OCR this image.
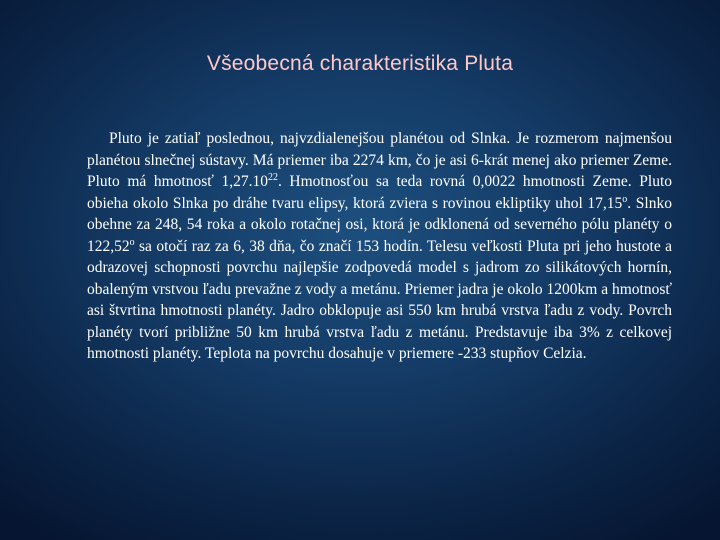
Všeobecná charakteristika Pluta

Pluto je zatiaľ poslednou, najvzdialenejšou planétou od Slnka. Je rozmerom najmenšou planétou slnečnej sústavy. Má priemer iba 2274 km, čo je asi 6-krát menej ako priemer Zeme. Pluto má hmotnosť 1,27.10$^{22}$. Hmotnosťou sa teda rovná 0,0022 hmotnosti Zeme. Pluto obieha okolo Slnka po dráhe tvaru elipsy, ktorá zviera s rovinou ekliptiky uhol 17,15$^o$. Slnko obehne za 248, 54 roka a okolo rotačnej osi, ktorá je odklonená od severného pólu planéty o 122,52$^o$ sa otočí raz za 6, 38 dňa, čo značí 153 hodín. Telesu veľkosti Pluta pri jeho hustote a odrazovej schopnosti povrchu najlepšie zodpovedá model s jadrom zo silikátových hornín, obaleným vrstvou ľadu prevažne z vody a metánu. Priemer jadra je okolo 1200km a hmotnosť asi štvrtina hmotnosti planéty. Jadro obklopuje asi 550 km hrubá vrstva ľadu z vody. Povrch planéty tvorí približne 50 km hrubá vrstva ľadu z metánu. Predstavuje iba 3% z celkovej hmotnosti planéty. Teplota na povrchu dosahuje v priemere -233 stupňov Celzia.
